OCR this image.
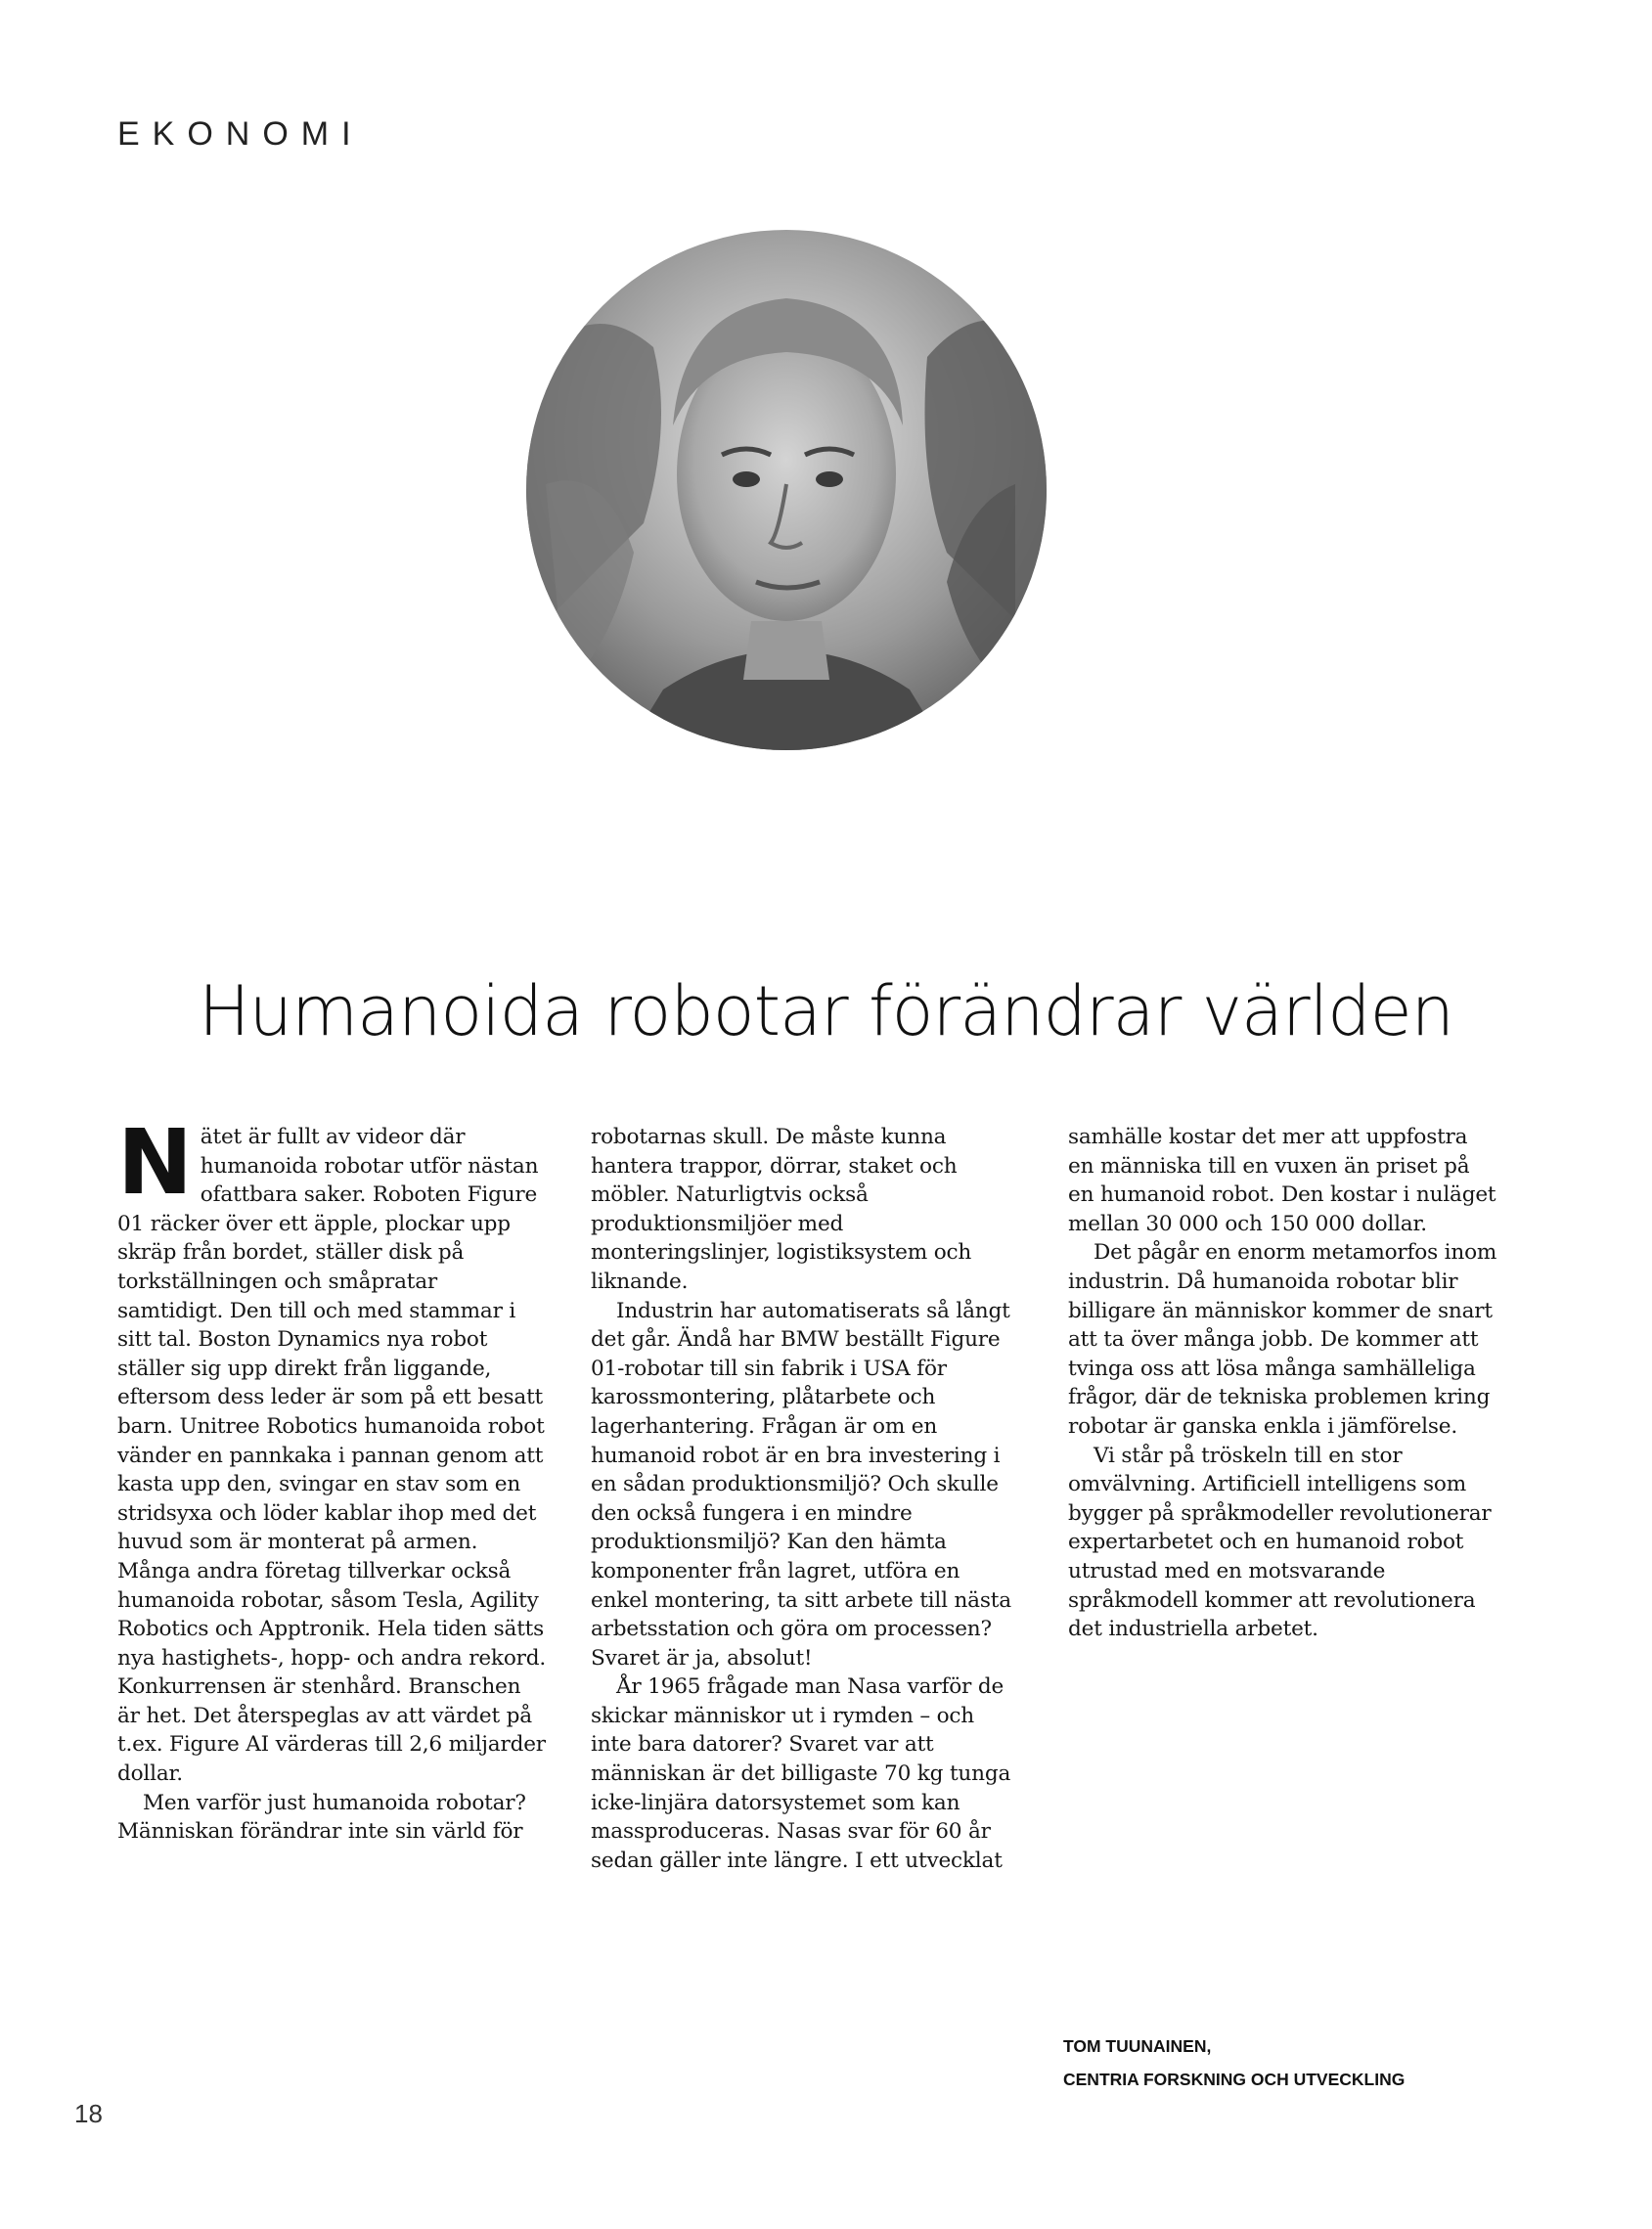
EKONOMI
Humanoida robotar förändrar världen

Nätet är fullt av videor där humanoida robotar utför nästan ofattbara saker. Roboten Figure 01 räcker över ett äpple, plockar upp skräp från bordet, ställer disk på torkställningen och småpratar samtidigt. Den till och med stammar i sitt tal. Boston Dynamics nya robot ställer sig upp direkt från liggande, eftersom dess leder är som på ett besatt barn. Unitree Robotics humanoida robot vänder en pannkaka i pannan genom att kasta upp den, svingar en stav som en stridsyxa och löder kablar ihop med det huvud som är monterat på armen. Många andra företag tillverkar också humanoida robotar, såsom Tesla, Agility Robotics och Apptronik. Hela tiden sätts nya hastighets-, hopp- och andra rekord. Konkurrensen är stenhård. Branschen är het. Det återspeglas av att värdet på t.ex. Figure AI värderas till 2,6 miljarder dollar.

Men varför just humanoida robotar? Människan förändrar inte sin värld för

robotarnas skull. De måste kunna hantera trappor, dörrar, staket och möbler. Naturligtvis också produktionsmiljöer med monteringslinjer, logistiksystem och liknande.

Industrin har automatiserats så långt det går. Ändå har BMW beställt Figure 01-robotar till sin fabrik i USA för karossmontering, plåtarbete och lagerhantering. Frågan är om en humanoid robot är en bra investering i en sådan produktionsmiljö? Och skulle den också fungera i en mindre produktionsmiljö? Kan den hämta komponenter från lagret, utföra en enkel montering, ta sitt arbete till nästa arbetsstation och göra om processen? Svaret är ja, absolut!

År 1965 frågade man Nasa varför de skickar människor ut i rymden – och inte bara datorer? Svaret var att människan är det billigaste 70 kg tunga icke-linjära datorsystemet som kan massproduceras. Nasas svar för 60 år sedan gäller inte längre. I ett utvecklat

samhälle kostar det mer att uppfostra en människa till en vuxen än priset på en humanoid robot. Den kostar i nuläget mellan 30 000 och 150 000 dollar.

Det pågår en enorm metamorfos inom industrin. Då humanoida robotar blir billigare än människor kommer de snart att ta över många jobb. De kommer att tvinga oss att lösa många samhälleliga frågor, där de tekniska problemen kring robotar är ganska enkla i jämförelse.

Vi står på tröskeln till en stor omvälvning. Artificiell intelligens som bygger på språkmodeller revolutionerar expertarbetet och en humanoid robot utrustad med en motsvarande språkmodell kommer att revolutionera det industriella arbetet.

TOM TUUNAINEN,
CENTRIA FORSKNING OCH UTVECKLING
18
